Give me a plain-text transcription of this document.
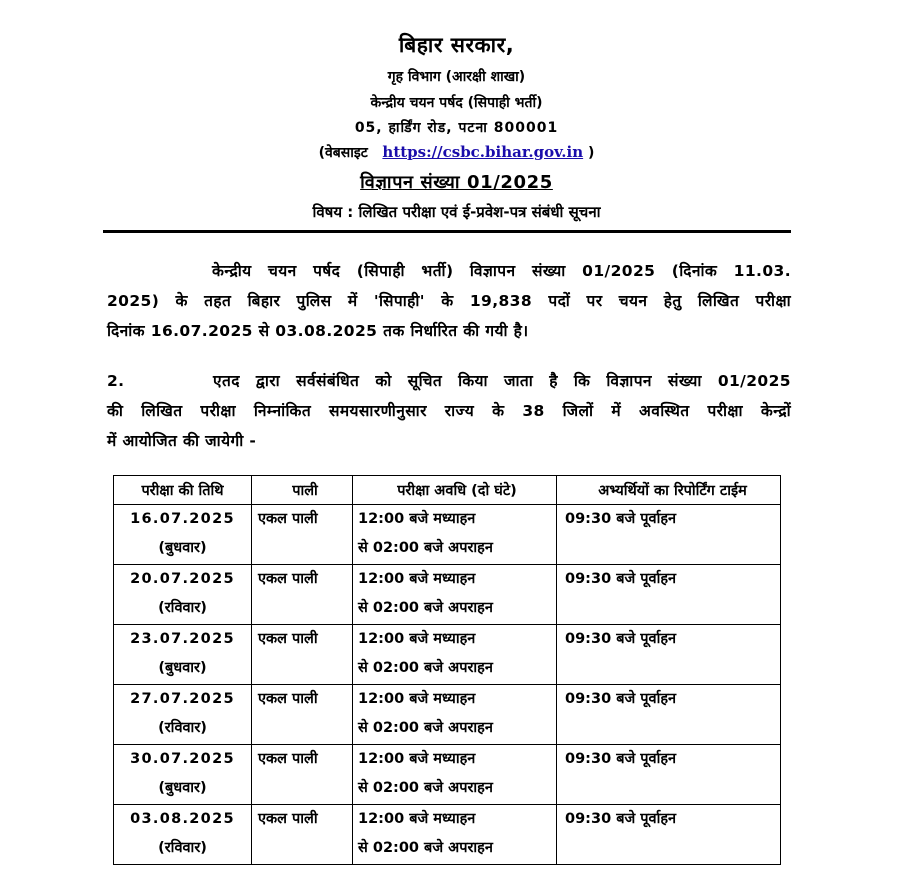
बिहार सरकार,
गृह विभाग (आरक्षी शाखा)
केन्द्रीय चयन पर्षद (सिपाही भर्ती)
05, हार्डिंग रोड, पटना 800001
(वेबसाइट https://csbc.bihar.gov.in )
विज्ञापन संख्या 01/2025
विषय : लिखित परीक्षा एवं ई-प्रवेश-पत्र संबंधी सूचना
केन्द्रीय चयन पर्षद (सिपाही भर्ती) विज्ञापन संख्या 01/2025 (दिनांक 11.03.
2025) के तहत बिहार पुलिस में 'सिपाही' के 19,838 पदों पर चयन हेतु लिखित परीक्षा
दिनांक 16.07.2025 से 03.08.2025 तक निर्धारित की गयी है।
2.	एतद द्वारा सर्वसंबंधित को सूचित किया जाता है कि विज्ञापन संख्या 01/2025
की लिखित परीक्षा निम्नांकित समयसारणीनुसार राज्य के 38 जिलों में अवस्थित परीक्षा केन्द्रों
में आयोजित की जायेगी -
परीक्षा की तिथि	पाली	परीक्षा अवधि (दो घंटे)	अभ्यर्थियों का रिपोर्टिंग टाईम

16.07.2025
(बुधवार)	एकल पाली	12:00 बजे मध्याहन
से 02:00 बजे अपराहन	09:30 बजे पूर्वाहन

20.07.2025
(रविवार)	एकल पाली	12:00 बजे मध्याहन
से 02:00 बजे अपराहन	09:30 बजे पूर्वाहन

23.07.2025
(बुधवार)	एकल पाली	12:00 बजे मध्याहन
से 02:00 बजे अपराहन	09:30 बजे पूर्वाहन

27.07.2025
(रविवार)	एकल पाली	12:00 बजे मध्याहन
से 02:00 बजे अपराहन	09:30 बजे पूर्वाहन

30.07.2025
(बुधवार)	एकल पाली	12:00 बजे मध्याहन
से 02:00 बजे अपराहन	09:30 बजे पूर्वाहन

03.08.2025
(रविवार)	एकल पाली	12:00 बजे मध्याहन
से 02:00 बजे अपराहन	09:30 बजे पूर्वाहन
